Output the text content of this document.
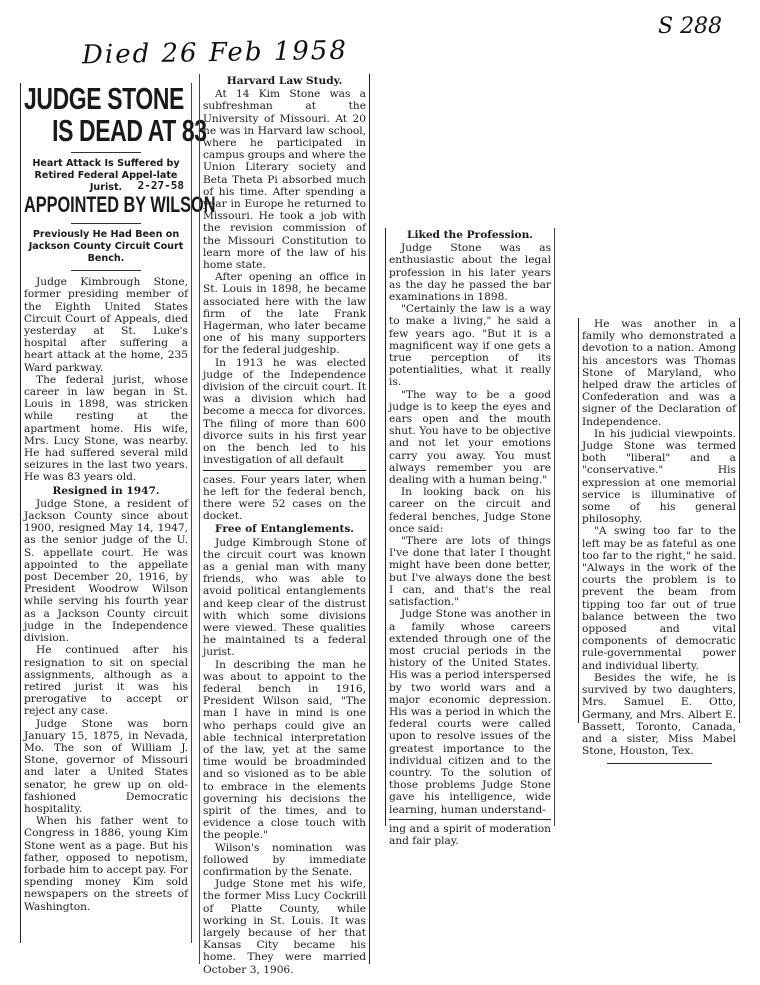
Died 26 Feb 1958
S 288
JUDGE STONE
IS DEAD AT 83
Heart Attack Is Suffered by Retired Federal Appel-late Jurist.	2-27-58
APPOINTED BY WILSON
Previously He Had Been on Jackson County Circuit Court Bench.

Judge Kimbrough Stone, former presiding member of the Eighth United States Circuit Court of Appeals, died yesterday at St. Luke's hospital after suffering a heart attack at the home, 235 Ward parkway.

The federal jurist, whose career in law began in St. Louis in 1898, was stricken while resting at the apartment home. His wife, Mrs. Lucy Stone, was nearby. He had suffered several mild seizures in the last two years. He was 83 years old.

Resigned in 1947.

Judge Stone, a resident of Jackson County since about 1900, resigned May 14, 1947, as the senior judge of the U. S. appellate court. He was appointed to the appellate post December 20, 1916, by President Woodrow Wilson while serving his fourth year as a Jackson County circuit judge in the Independence division.

He continued after his resignation to sit on special assignments, although as a retired jurist it was his prerogative to accept or reject any case.

Judge Stone was born January 15, 1875, in Nevada, Mo. The son of William J. Stone, governor of Missouri and later a United States senator, he grew up on old-fashioned Democratic hospitality.

When his father went to Congress in 1886, young Kim Stone went as a page. But his father, opposed to nepotism, forbade him to accept pay. For spending money Kim sold newspapers on the streets of Washington.

Harvard Law Study.

At 14 Kim Stone was a subfreshman at the University of Missouri. At 20 he was in Harvard law school, where he participated in campus groups and where the Union Literary society and Beta Theta Pi absorbed much of his time. After spending a year in Europe he returned to Missouri. He took a job with the revision commission of the Missouri Constitution to learn more of the law of his home state.

After opening an office in St. Louis in 1898, he became associated here with the law firm of the late Frank Hagerman, who later became one of his many supporters for the federal judgeship.

In 1913 he was elected judge of the Independence division of the circuit court. It was a division which had become a mecca for divorces. The filing of more than 600 divorce suits in his first year on the bench led to his investigation of all default

cases. Four years later, when he left for the federal bench, there were 52 cases on the docket.

Free of Entanglements.

Judge Kimbrough Stone of the circuit court was known as a genial man with many friends, who was able to avoid political entanglements and keep clear of the distrust with which some divisions were viewed. These qualities he maintained ts a federal jurist.

In describing the man he was about to appoint to the federal bench in 1916, President Wilson said, "The man I have in mind is one who perhaps could give an able technical interpretation of the law, yet at the same time would be broadminded and so visioned as to be able to embrace in the elements governing his decisions the spirit of the times, and to evidence a close touch with the people."

Wilson's nomination was followed by immediate confirmation by the Senate.

Judge Stone met his wife, the former Miss Lucy Cockrill of Platte County, while working in St. Louis. It was largely because of her that Kansas City became his home. They were married October 3, 1906.

Liked the Profession.

Judge Stone was as enthusiastic about the legal profession in his later years as the day he passed the bar examinations in 1898.

"Certainly the law is a way to make a living," he said a few years ago. "But it is a magnificent way if one gets a true perception of its potentialities, what it really is.

"The way to be a good judge is to keep the eyes and ears open and the mouth shut. You have to be objective and not let your emotions carry you away. You must always remember you are dealing with a human being."

In looking back on his career on the circuit and federal benches, Judge Stone once said:

"There are lots of things I've done that later I thought might have been done better, but I've always done the best I can, and that's the real satisfaction."

Judge Stone was another in a family whose careers extended through one of the most crucial periods in the history of the United States. His was a period interspersed by two world wars and a major economic depression. His was a period in which the federal courts were called upon to resolve issues of the greatest importance to the individual citizen and to the country. To the solution of those problems Judge Stone gave his intelligence, wide learning, human understand-

ing and a spirit of moderation and fair play.

He was another in a family who demonstrated a devotion to a nation. Among his ancestors was Thomas Stone of Maryland, who helped draw the articles of Confederation and was a signer of the Declaration of Independence.

In his judicial viewpoints. Judge Stone was termed both "liberal" and a "conservative." His expression at one memorial service is illuminative of some of his general philosophy.

"A swing too far to the left may be as fateful as one too far to the right," he said. "Always in the work of the courts the problem is to prevent the beam from tipping too far out of true balance between the two opposed and vital components of democratic rule-governmental power and individual liberty.

Besides the wife, he is survived by two daughters, Mrs. Samuel E. Otto, Germany, and Mrs. Albert E. Bassett, Toronto, Canada, and a sister, Miss Mabel Stone, Houston, Tex.
